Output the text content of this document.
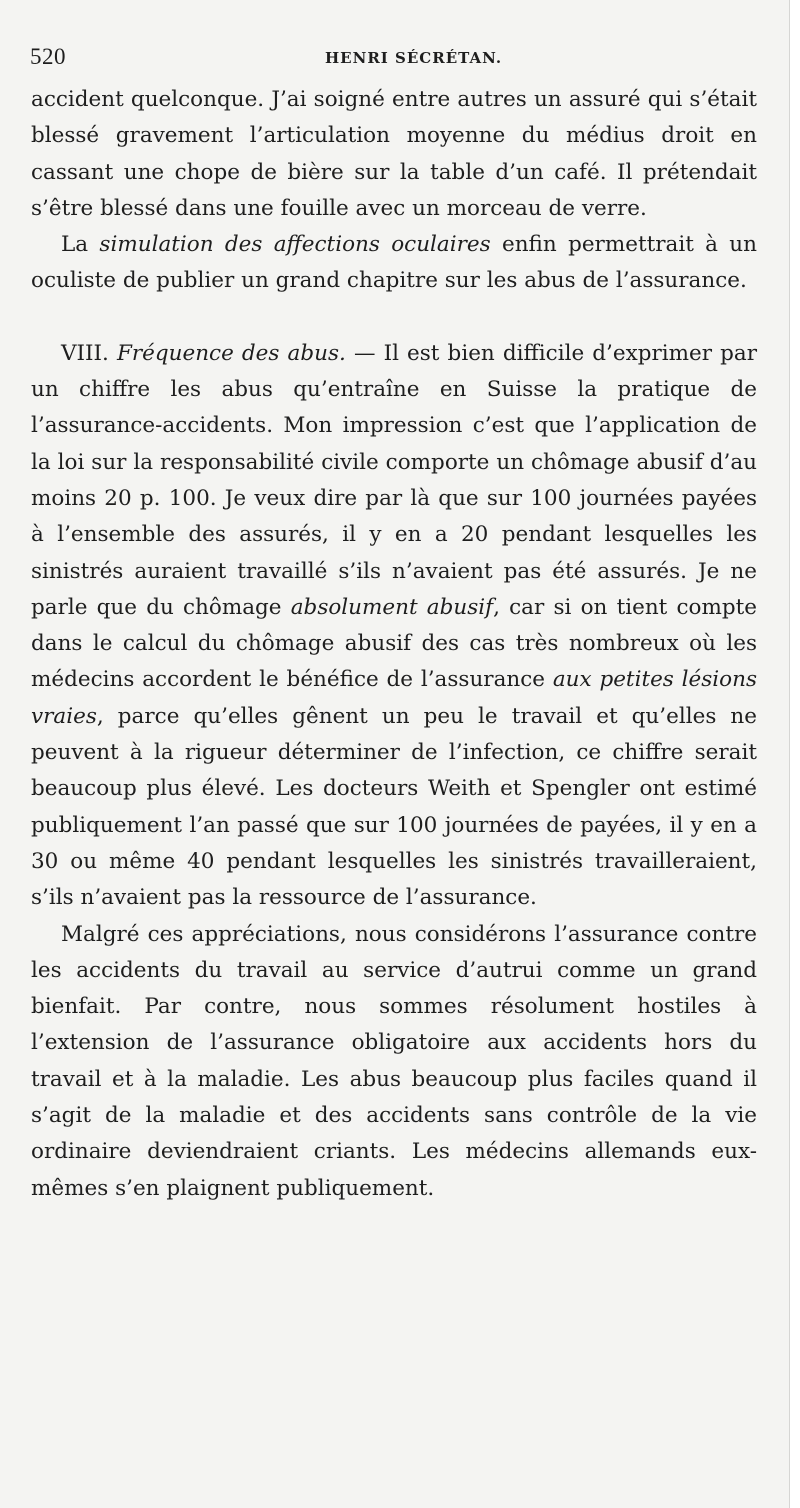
520	HENRI SÉCRÉTAN.

accident quelconque. J’ai soigné entre autres un assuré qui s’était blessé gravement l’articulation moyenne du médius droit en cassant une chope de bière sur la table d’un café. Il prétendait s’être blessé dans une fouille avec un morceau de verre.

La simulation des affections oculaires enfin permettrait à un oculiste de publier un grand chapitre sur les abus de l’assurance.

VIII. Fréquence des abus. — Il est bien difficile d’exprimer par un chiffre les abus qu’entraîne en Suisse la pratique de l’assurance-accidents. Mon impression c’est que l’application de la loi sur la responsabilité civile comporte un chômage abusif d’au moins 20 p. 100. Je veux dire par là que sur 100 journées payées à l’ensemble des assurés, il y en a 20 pendant lesquelles les sinistrés auraient travaillé s’ils n’avaient pas été assurés. Je ne parle que du chômage absolument abusif, car si on tient compte dans le calcul du chômage abusif des cas très nombreux où les médecins accordent le bénéfice de l’assurance aux petites lésions vraies, parce qu’elles gênent un peu le travail et qu’elles ne peuvent à la rigueur déterminer de l’infection, ce chiffre serait beaucoup plus élevé. Les docteurs Weith et Spengler ont estimé publiquement l’an passé que sur 100 journées de payées, il y en a 30 ou même 40 pendant lesquelles les sinistrés travailleraient, s’ils n’avaient pas la ressource de l’assurance.

Malgré ces appréciations, nous considérons l’assurance contre les accidents du travail au service d’autrui comme un grand bienfait. Par contre, nous sommes résolument hostiles à l’extension de l’assurance obligatoire aux accidents hors du travail et à la maladie. Les abus beaucoup plus faciles quand il s’agit de la maladie et des accidents sans contrôle de la vie ordinaire deviendraient criants. Les médecins allemands eux-mêmes s’en plaignent publiquement.
